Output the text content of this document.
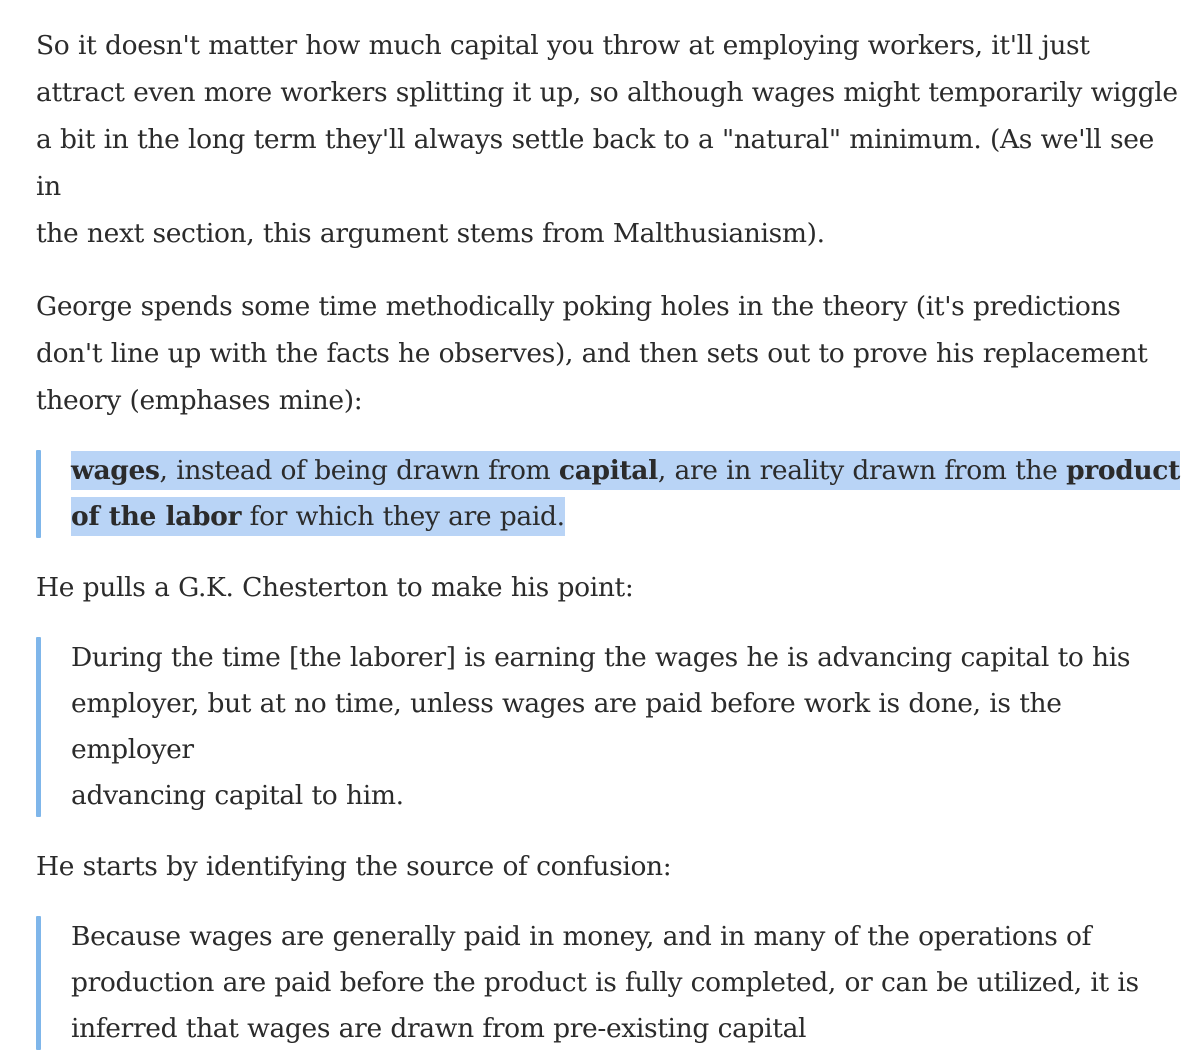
So it doesn't matter how much capital you throw at employing workers, it'll just
attract even more workers splitting it up, so although wages might temporarily wiggle
a bit in the long term they'll always settle back to a "natural" minimum. (As we'll see in
the next section, this argument stems from Malthusianism).

George spends some time methodically poking holes in the theory (it's predictions
don't line up with the facts he observes), and then sets out to prove his replacement
theory (emphases mine):

wages, instead of being drawn from capital, are in reality drawn from the product
of the labor for which they are paid.

He pulls a G.K. Chesterton to make his point:

During the time [the laborer] is earning the wages he is advancing capital to his
employer, but at no time, unless wages are paid before work is done, is the employer
advancing capital to him.

He starts by identifying the source of confusion:

Because wages are generally paid in money, and in many of the operations of
production are paid before the product is fully completed, or can be utilized, it is
inferred that wages are drawn from pre-existing capital
